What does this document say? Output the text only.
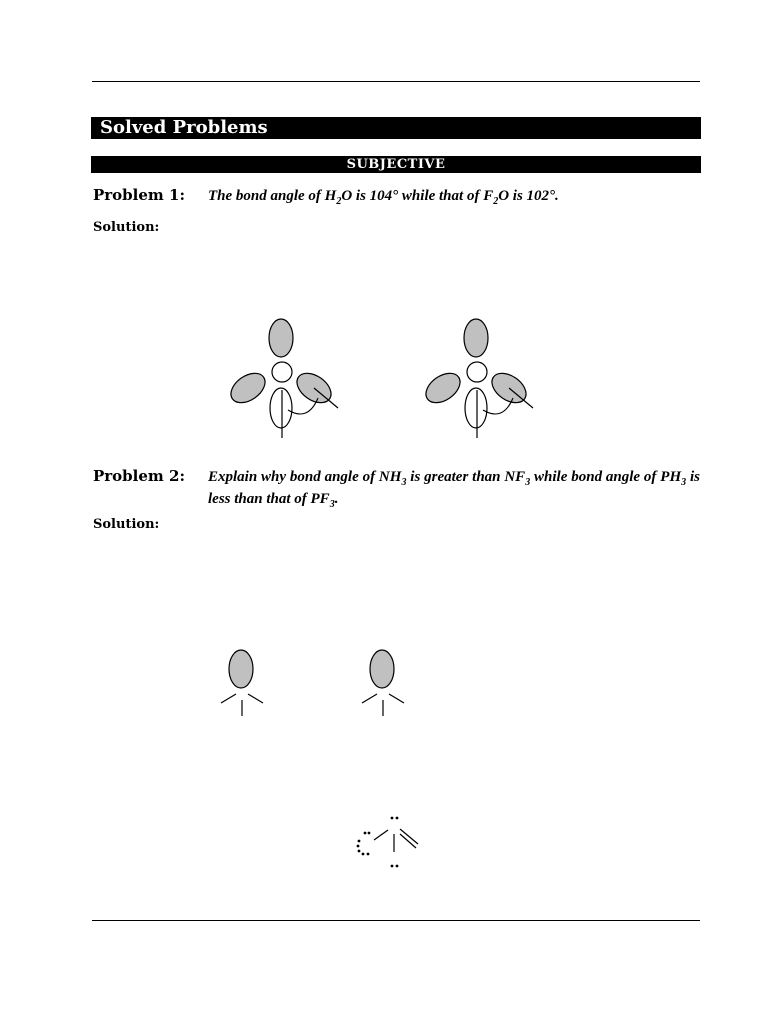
Solved Problems
SUBJECTIVE
Problem 1: The bond angle of $H_2O$ is 104° while that of $F_2O$ is 102°.
Solution:
Problem 2: Explain why bond angle of $NH_3$ is greater than $NF_3$ while bond angle of $PH_3$ is less than that of $PF_3$.
Solution:
